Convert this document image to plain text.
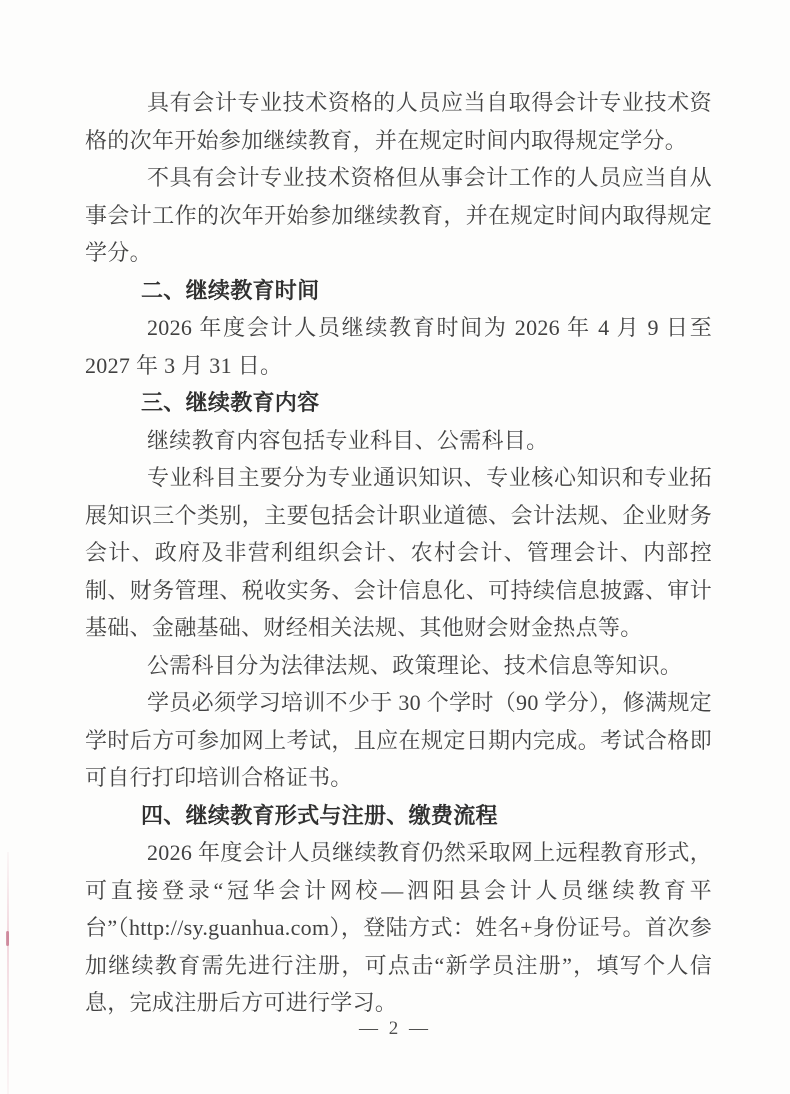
具有会计专业技术资格的人员应当自取得会计专业技术资格的次年开始参加继续教育，并在规定时间内取得规定学分。

不具有会计专业技术资格但从事会计工作的人员应当自从事会计工作的次年开始参加继续教育，并在规定时间内取得规定学分。

二、继续教育时间

2026 年度会计人员继续教育时间为 2026 年 4 月 9 日至 2027 年 3 月 31 日。

三、继续教育内容

继续教育内容包括专业科目、公需科目。

专业科目主要分为专业通识知识、专业核心知识和专业拓展知识三个类别，主要包括会计职业道德、会计法规、企业财务会计、政府及非营利组织会计、农村会计、管理会计、内部控制、财务管理、税收实务、会计信息化、可持续信息披露、审计基础、金融基础、财经相关法规、其他财会财金热点等。

公需科目分为法律法规、政策理论、技术信息等知识。

学员必须学习培训不少于 30 个学时（90 学分），修满规定学时后方可参加网上考试，且应在规定日期内完成。考试合格即可自行打印培训合格证书。

四、继续教育形式与注册、缴费流程

2026 年度会计人员继续教育仍然采取网上远程教育形式，可直接登录“冠华会计网校—泗阳县会计人员继续教育平台”（http://sy.guanhua.com），登陆方式：姓名+身份证号。首次参加继续教育需先进行注册，可点击“新学员注册”，填写个人信息，完成注册后方可进行学习。

— 2 —
